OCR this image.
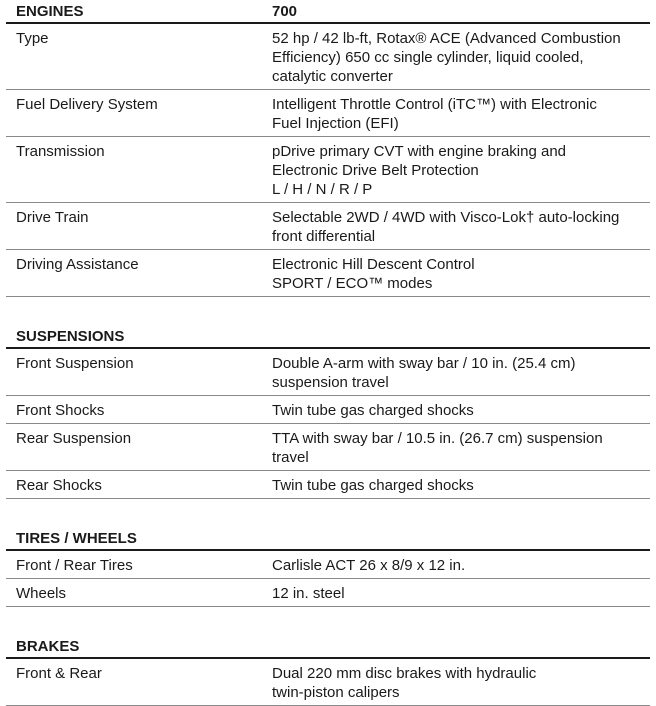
ENGINES	700
Type	52 hp / 42 lb-ft, Rotax® ACE (Advanced Combustion
Efficiency) 650 cc single cylinder, liquid cooled,
catalytic converter
Fuel Delivery System	Intelligent Throttle Control (iTC™) with Electronic
Fuel Injection (EFI)
Transmission	pDrive primary CVT with engine braking and
Electronic Drive Belt Protection
L / H / N / R / P
Drive Train	Selectable 2WD / 4WD with Visco-Lok† auto-locking
front differential
Driving Assistance	Electronic Hill Descent Control
SPORT / ECO™ modes
SUSPENSIONS
Front Suspension	Double A-arm with sway bar / 10 in. (25.4 cm)
suspension travel
Front Shocks	Twin tube gas charged shocks
Rear Suspension	TTA with sway bar / 10.5 in. (26.7 cm) suspension
travel
Rear Shocks	Twin tube gas charged shocks
TIRES / WHEELS
Front / Rear Tires	Carlisle ACT 26 x 8/9 x 12 in.
Wheels	12 in. steel
BRAKES
Front & Rear	Dual 220 mm disc brakes with hydraulic
twin-piston calipers
